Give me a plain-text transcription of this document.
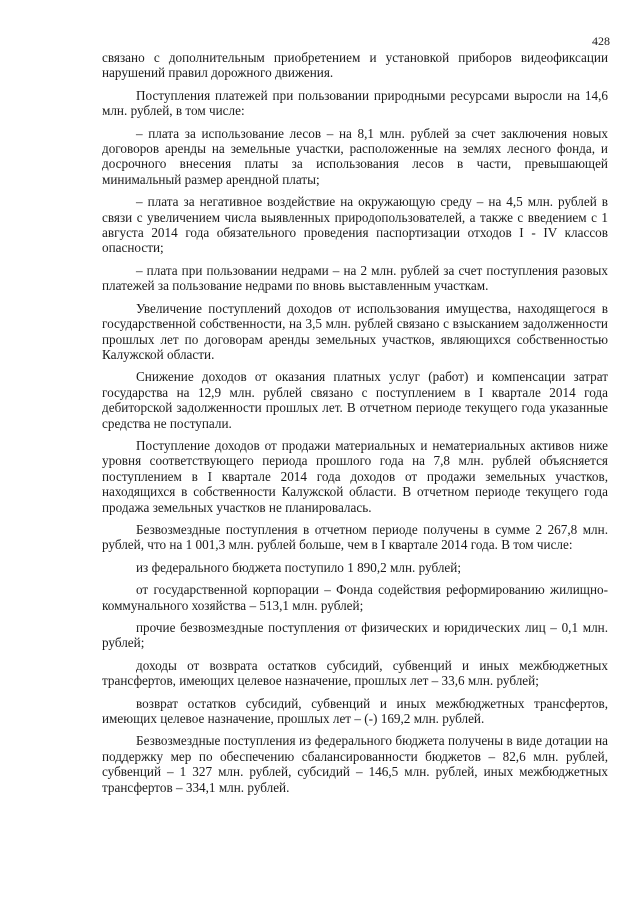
428

связано с дополнительным приобретением и установкой приборов видеофиксации нарушений правил дорожного движения.

Поступления платежей при пользовании природными ресурсами выросли на 14,6 млн. рублей, в том числе:

– плата за использование лесов – на 8,1 млн. рублей за счет заключения новых договоров аренды на земельные участки, расположенные на землях лесного фонда, и досрочного внесения платы за использования лесов в части, превышающей минимальный размер арендной платы;

– плата за негативное воздействие на окружающую среду – на 4,5 млн. рублей в связи с увеличением числа выявленных природопользователей, а также с введением с 1 августа 2014 года обязательного проведения паспортизации отходов I - IV классов опасности;

– плата при пользовании недрами – на 2 млн. рублей за счет поступления разовых платежей за пользование недрами по вновь выставленным участкам.

Увеличение поступлений доходов от использования имущества, находящегося в государственной собственности, на 3,5 млн. рублей связано с взысканием задолженности прошлых лет по договорам аренды земельных участков, являющихся собственностью Калужской области.

Снижение доходов от оказания платных услуг (работ) и компенсации затрат государства на 12,9 млн. рублей связано с поступлением в I квартале 2014 года дебиторской задолженности прошлых лет. В отчетном периоде текущего года указанные средства не поступали.

Поступление доходов от продажи материальных и нематериальных активов ниже уровня соответствующего периода прошлого года на 7,8 млн. рублей объясняется поступлением в I квартале 2014 года доходов от продажи земельных участков, находящихся в собственности Калужской области. В отчетном периоде текущего года продажа земельных участков не планировалась.

Безвозмездные поступления в отчетном периоде получены в сумме 2 267,8 млн. рублей, что на 1 001,3 млн. рублей больше, чем в I квартале 2014 года. В том числе:

из федерального бюджета поступило 1 890,2 млн. рублей;

от государственной корпорации – Фонда содействия реформированию жилищно-коммунального хозяйства – 513,1 млн. рублей;

прочие безвозмездные поступления от физических и юридических лиц – 0,1 млн. рублей;

доходы от возврата остатков субсидий, субвенций и иных межбюджетных трансфертов, имеющих целевое назначение, прошлых лет – 33,6 млн. рублей;

возврат остатков субсидий, субвенций и иных межбюджетных трансфертов, имеющих целевое назначение, прошлых лет – (-) 169,2 млн. рублей.

Безвозмездные поступления из федерального бюджета получены в виде дотации на поддержку мер по обеспечению сбалансированности бюджетов – 82,6 млн. рублей, субвенций – 1 327 млн. рублей, субсидий – 146,5 млн. рублей, иных межбюджетных трансфертов – 334,1 млн. рублей.
